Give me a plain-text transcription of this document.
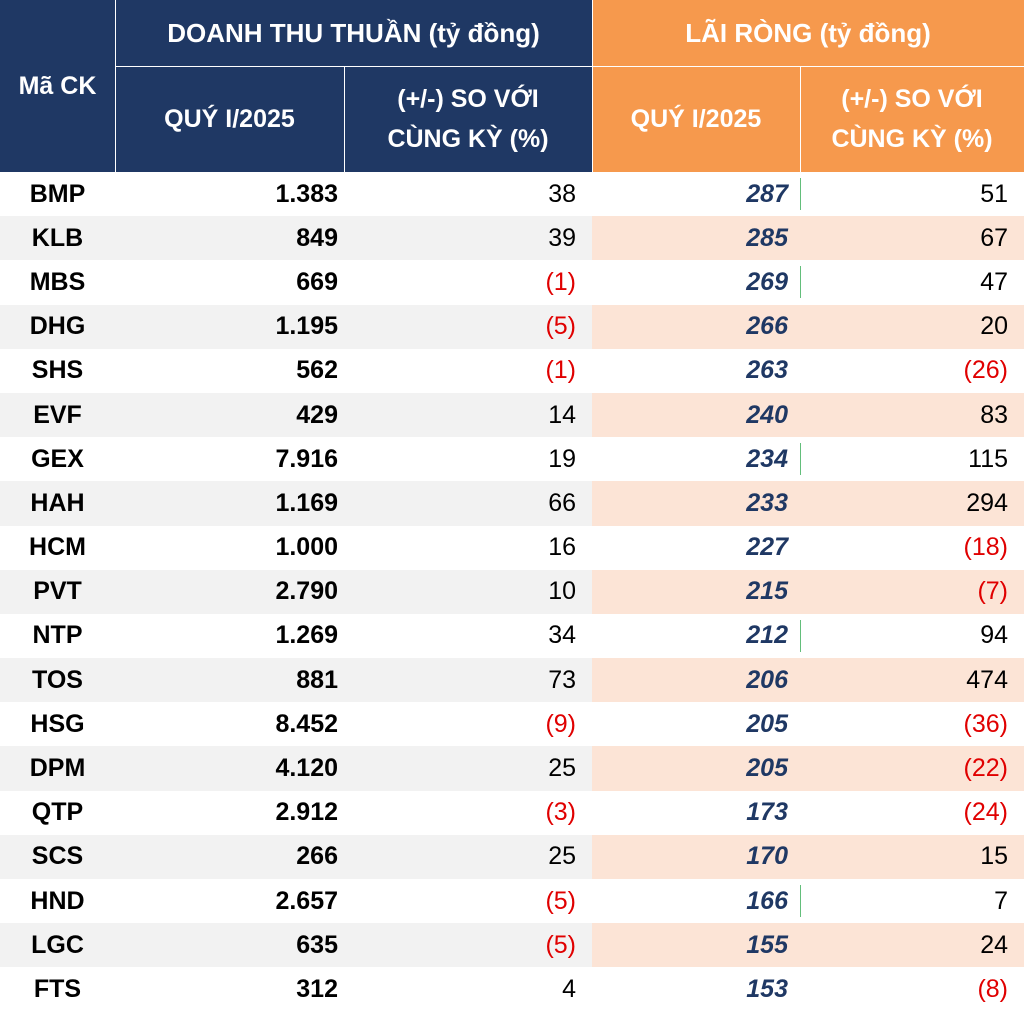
Mã CK
DOANH THU THUẦN (tỷ đồng)
QUÝ I/2025
(+/-) SO VỚI
CÙNG KỲ (%)
LÃI RÒNG (tỷ đồng)
QUÝ I/2025
(+/-) SO VỚI
CÙNG KỲ (%)
BMP	1.383	38	287	51
KLB	849	39	285	67
MBS	669	(1)	269	47
DHG	1.195	(5)	266	20
SHS	562	(1)	263	(26)
EVF	429	14	240	83
GEX	7.916	19	234	115
HAH	1.169	66	233	294
HCM	1.000	16	227	(18)
PVT	2.790	10	215	(7)
NTP	1.269	34	212	94
TOS	881	73	206	474
HSG	8.452	(9)	205	(36)
DPM	4.120	25	205	(22)
QTP	2.912	(3)	173	(24)
SCS	266	25	170	15
HND	2.657	(5)	166	7
LGC	635	(5)	155	24
FTS	312	4	153	(8)
